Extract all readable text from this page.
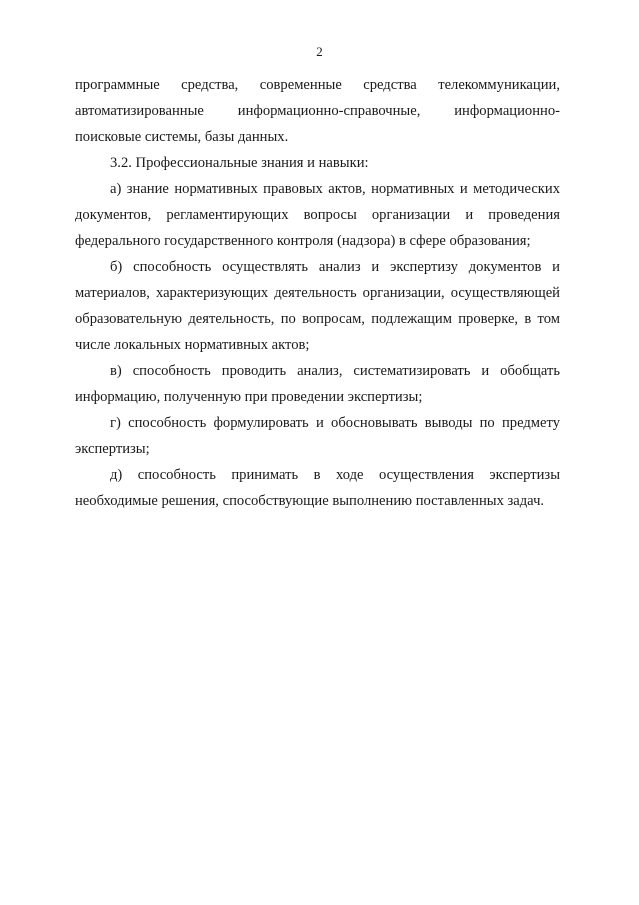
2

программные средства, современные средства телекоммуникации, автоматизированные информационно-справочные, информационно-поисковые системы, базы данных.

3.2. Профессиональные знания и навыки:

а) знание нормативных правовых актов, нормативных и методических документов, регламентирующих вопросы организации и проведения федерального государственного контроля (надзора) в сфере образования;

б) способность осуществлять анализ и экспертизу документов и материалов, характеризующих деятельность организации, осуществляющей образовательную деятельность, по вопросам, подлежащим проверке, в том числе локальных нормативных актов;

в) способность проводить анализ, систематизировать и обобщать информацию, полученную при проведении экспертизы;

г) способность формулировать и обосновывать выводы по предмету экспертизы;

д) способность принимать в ходе осуществления экспертизы необходимые решения, способствующие выполнению поставленных задач.
